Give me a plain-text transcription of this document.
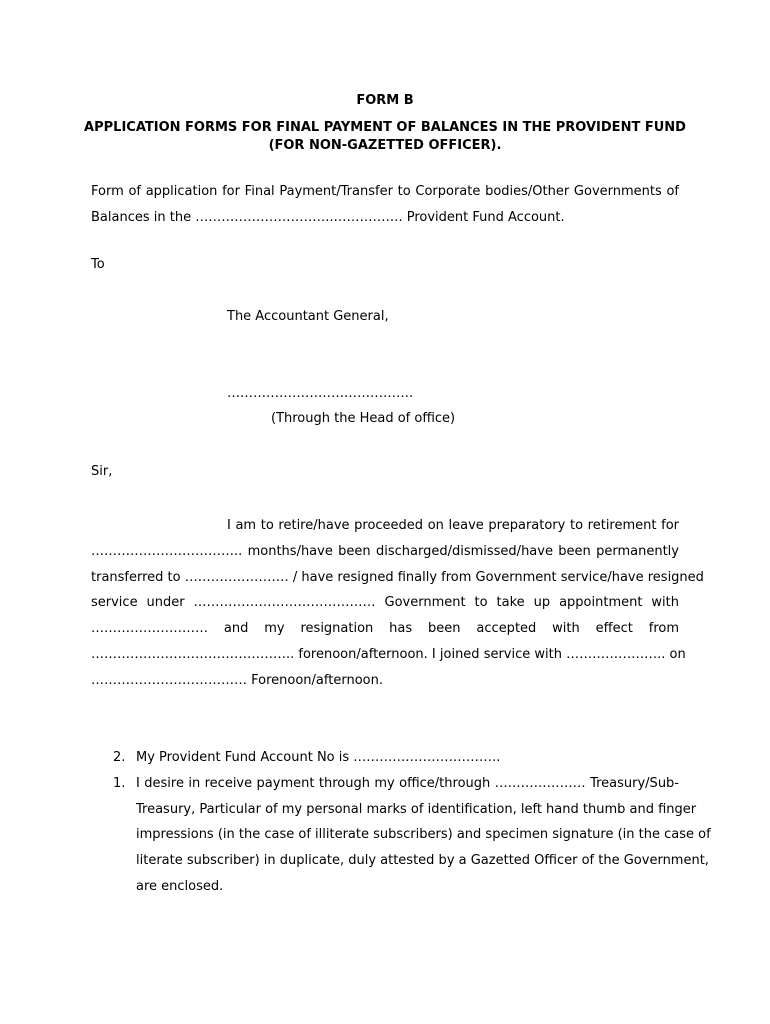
FORM B
APPLICATION FORMS FOR FINAL PAYMENT OF BALANCES IN THE PROVIDENT FUND
(FOR NON-GAZETTED OFFICER).
Form of application for Final Payment/Transfer to Corporate bodies/Other Governments of
Balances in the …………………………..……………. Provident Fund Account.
To
The Accountant General,
…………………………………….
(Through the Head of office)
Sir,
I am to retire/have proceeded on leave preparatory to retirement for
…………………………….. months/have been discharged/dismissed/have been permanently
transferred to …………………… / have resigned finally from Government service/have resigned
service under …………………………………… Government to take up appointment with
……………………… and my resignation has been accepted with effect from
……………………………………….. forenoon/afternoon. I joined service with ………………….. on
……………………………… Forenoon/afternoon.
2. My Provident Fund Account No is …………………………….
1. I desire in receive payment through my office/through ………………… Treasury/Sub-
Treasury, Particular of my personal marks of identification, left hand thumb and finger
impressions (in the case of illiterate subscribers) and specimen signature (in the case of
literate subscriber) in duplicate, duly attested by a Gazetted Officer of the Government,
are enclosed.
